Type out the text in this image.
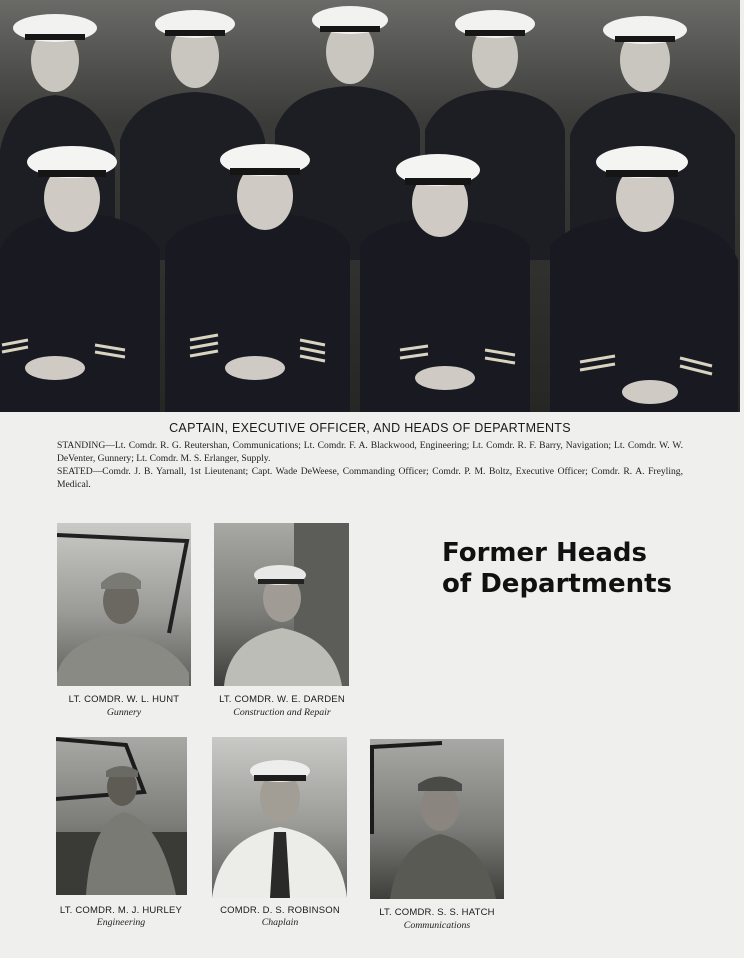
CAPTAIN, EXECUTIVE OFFICER, AND HEADS OF DEPARTMENTS

STANDING—Lt. Comdr. R. G. Reutershan, Communications; Lt. Comdr. F. A. Blackwood, Engineering; Lt. Comdr. R. F. Barry, Navigation; Lt. Comdr. W. W. DeVenter, Gunnery; Lt. Comdr. M. S. Erlanger, Supply.

SEATED—Comdr. J. B. Yarnall, 1st Lieutenant; Capt. Wade DeWeese, Commanding Officer; Comdr. P. M. Boltz, Executive Officer; Comdr. R. A. Freyling, Medical.

Former Heads
of Departments
LT. COMDR. W. L. HUNT
Gunnery
LT. COMDR. W. E. DARDEN
Construction and Repair
LT. COMDR. M. J. HURLEY
Engineering
COMDR. D. S. ROBINSON
Chaplain
LT. COMDR. S. S. HATCH
Communications
